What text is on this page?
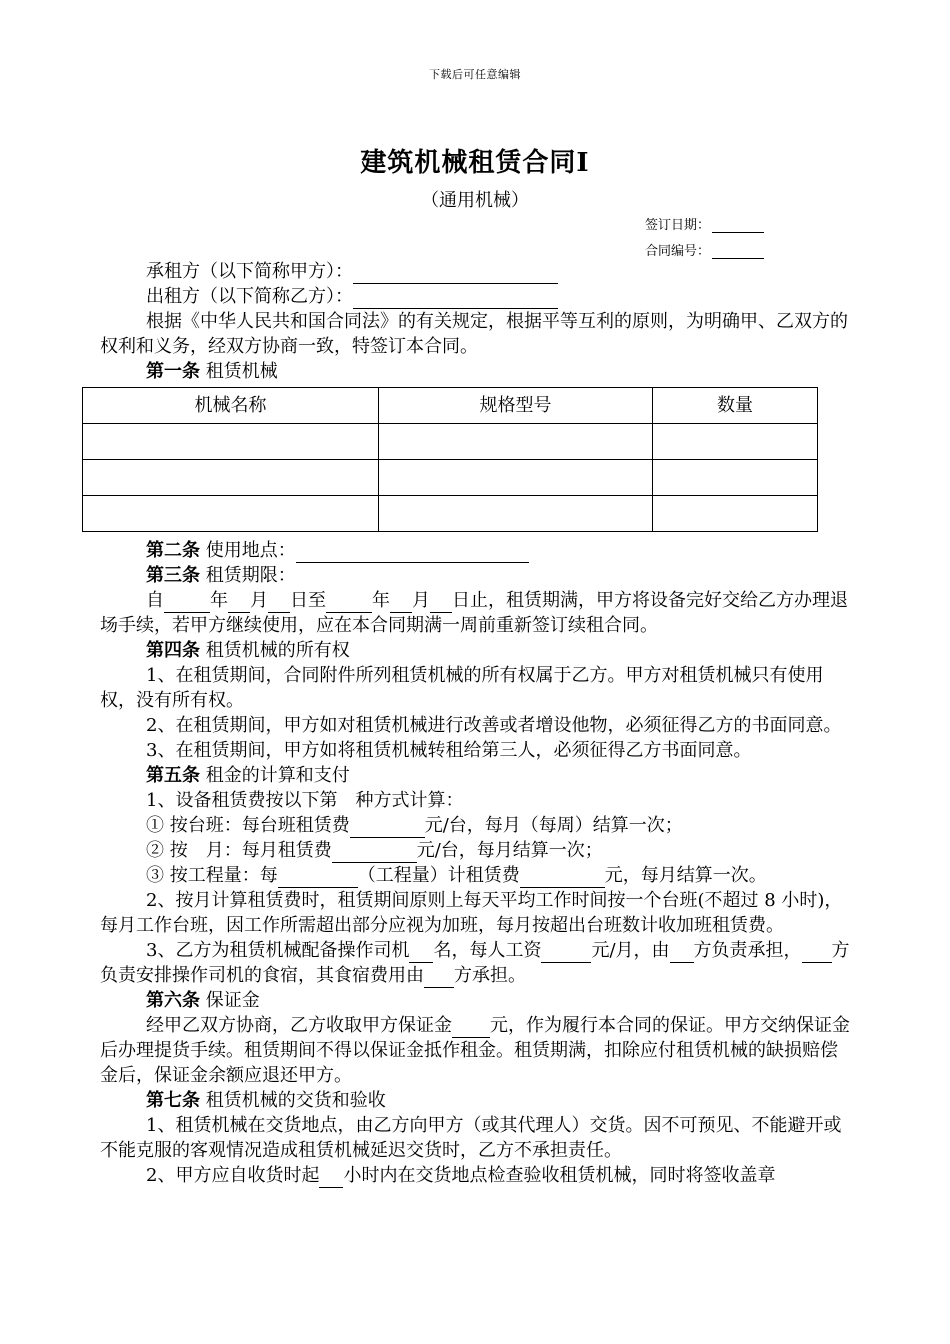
下载后可任意编辑
建筑机械租赁合同Ⅰ
（通用机械）
签订日期：
合同编号：

承租方（以下简称甲方）：

出租方（以下简称乙方）：

根据《中华人民共和国合同法》的有关规定，根据平等互利的原则，为明确甲、乙双方的权利和义务，经双方协商一致，特签订本合同。

第一条 租赁机械

机械名称	规格型号	数量

第二条 使用地点：

第三条 租赁期限：

自	年 月 日至	年 月 日止，租赁期满，甲方将设备完好交给乙方办理退场手续，若甲方继续使用，应在本合同期满一周前重新签订续租合同。

第四条 租赁机械的所有权

1、在租赁期间，合同附件所列租赁机械的所有权属于乙方。甲方对租赁机械只有使用权，没有所有权。

2、在租赁期间，甲方如对租赁机械进行改善或者增设他物，必须征得乙方的书面同意。

3、在租赁期间，甲方如将租赁机械转租给第三人，必须征得乙方书面同意。

第五条 租金的计算和支付

1、设备租赁费按以下第　种方式计算：

① 按台班：每台班租赁费	元/台，每月（每周）结算一次；

② 按　月：每月租赁费	元/台，每月结算一次；

③ 按工程量：每	（工程量）计租赁费	元，每月结算一次。

2、按月计算租赁费时，租赁期间原则上每天平均工作时间按一个台班(不超过 8 小时)，每月工作台班，因工作所需超出部分应视为加班，每月按超出台班数计收加班租赁费。

3、乙方为租赁机械配备操作司机 名，每人工资	元/月，由 方负责承担， 方负责安排操作司机的食宿，其食宿费用由 方承担。

第六条 保证金

经甲乙双方协商，乙方收取甲方保证金 元，作为履行本合同的保证。甲方交纳保证金后办理提货手续。租赁期间不得以保证金抵作租金。租赁期满，扣除应付租赁机械的缺损赔偿金后，保证金余额应退还甲方。

第七条 租赁机械的交货和验收

1、租赁机械在交货地点，由乙方向甲方（或其代理人）交货。因不可预见、不能避开或不能克服的客观情况造成租赁机械延迟交货时，乙方不承担责任。

2、甲方应自收货时起 小时内在交货地点检查验收租赁机械，同时将签收盖章
